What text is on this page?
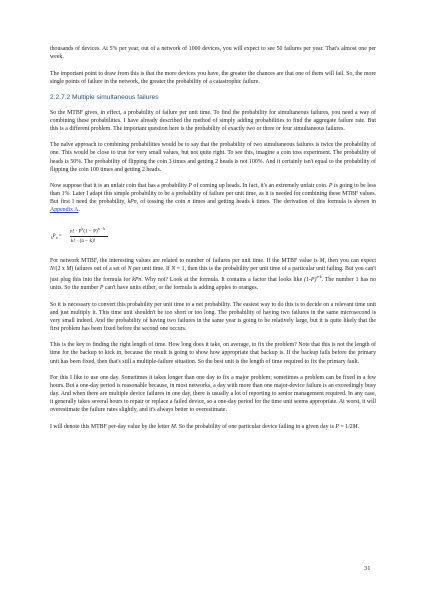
thousands of devices. At 5% per year, out of a network of 1000 devices, you will expect to see 50 failures per year. That's almost one per week.

The important point to draw from this is that the more devices you have, the greater the chances are that one of them will fail. So, the more single points of failure in the network, the greater the probability of a catastrophic failure.

2.2.7.2 Multiple simultaneous failures

So the MTBF gives, in effect, a probability of failure per unit time. To find the probability for simultaneous failures, you need a way of combining these probabilities. I have already described the method of simply adding probabilities to find the aggregate failure rate. But this is a different problem. The important question here is the probability of exactly two or three or four simultaneous failures.

The naïve approach to combining probabilities would be to say that the probability of two simultaneous failures is twice the probability of one. This would be close to true for very small values, but not quite right. To see this, imagine a coin toss experiment. The probability of heads is 50%. The probability of flipping the coin 3 times and getting 2 heads is not 100%. And it certainly isn't equal to the probability of flipping the coin 100 times and getting 2 heads.

Now suppose that it is an unfair coin that has a probability P of coming up heads. In fact, it's an extremely unfair coin. P is going to be less than 1%. Later I adapt this simple probability to be a probability of failure per unit time, as it is needed for combining these MTBF values. But first I need the probability, kPn, of tossing the coin n times and getting heads k times. The derivation of this formula is shown in Appendix A.

$_kP_n$ =
n! · $P^k(1 - P)^{n - k}$
k! · (n − k)!

For network MTBF, the interesting values are related to number of failures per unit time. If the MTBF value is M, then you can expect N/(2 x M) failures out of a set of N per unit time. If N = 1, then this is the probability per unit time of a particular unit failing. But you can't just plug this into the formula for kPn. Why not? Look at the formula. It contains a factor that looks like $(1-P)^{n-k}$. The number 1 has no units. So the number P can't have units either, or the formula is adding apples to oranges.

So it is necessary to convert this probability per unit time to a net probability. The easiest way to do this is to decide on a relevant time unit and just multiply it. This time unit shouldn't be too short or too long. The probability of having two failures in the same microsecond is very small indeed. And the probability of having two failures in the same year is going to be relatively large, but it is quite likely that the first problem has been fixed before the second one occurs.

This is the key to finding the right length of time. How long does it take, on average, to fix the problem? Note that this is not the length of time for the backup to kick in, because the result is going to show how appropriate that backup is. If the backup fails before the primary unit has been fixed, then that's still a multiple-failure situation. So the best unit is the length of time required to fix the primary fault.

For this I like to use one day. Sometimes it takes longer than one day to fix a major problem; sometimes a problem can be fixed in a few hours. But a one-day period is reasonable because, in most networks, a day with more than one major-device failure is an exceedingly busy day. And when there are multiple device failures in one day, there is usually a lot of reporting to senior management required. In any case, it generally takes several hours to repair or replace a failed device, so a one-day period for the time unit seems appropriate. At worst, it will overestimate the failure rates slightly, and it's always better to overestimate.

I will denote this MTBF per-day value by the letter M. So the probability of one particular device failing in a given day is P = 1/2M.

31
